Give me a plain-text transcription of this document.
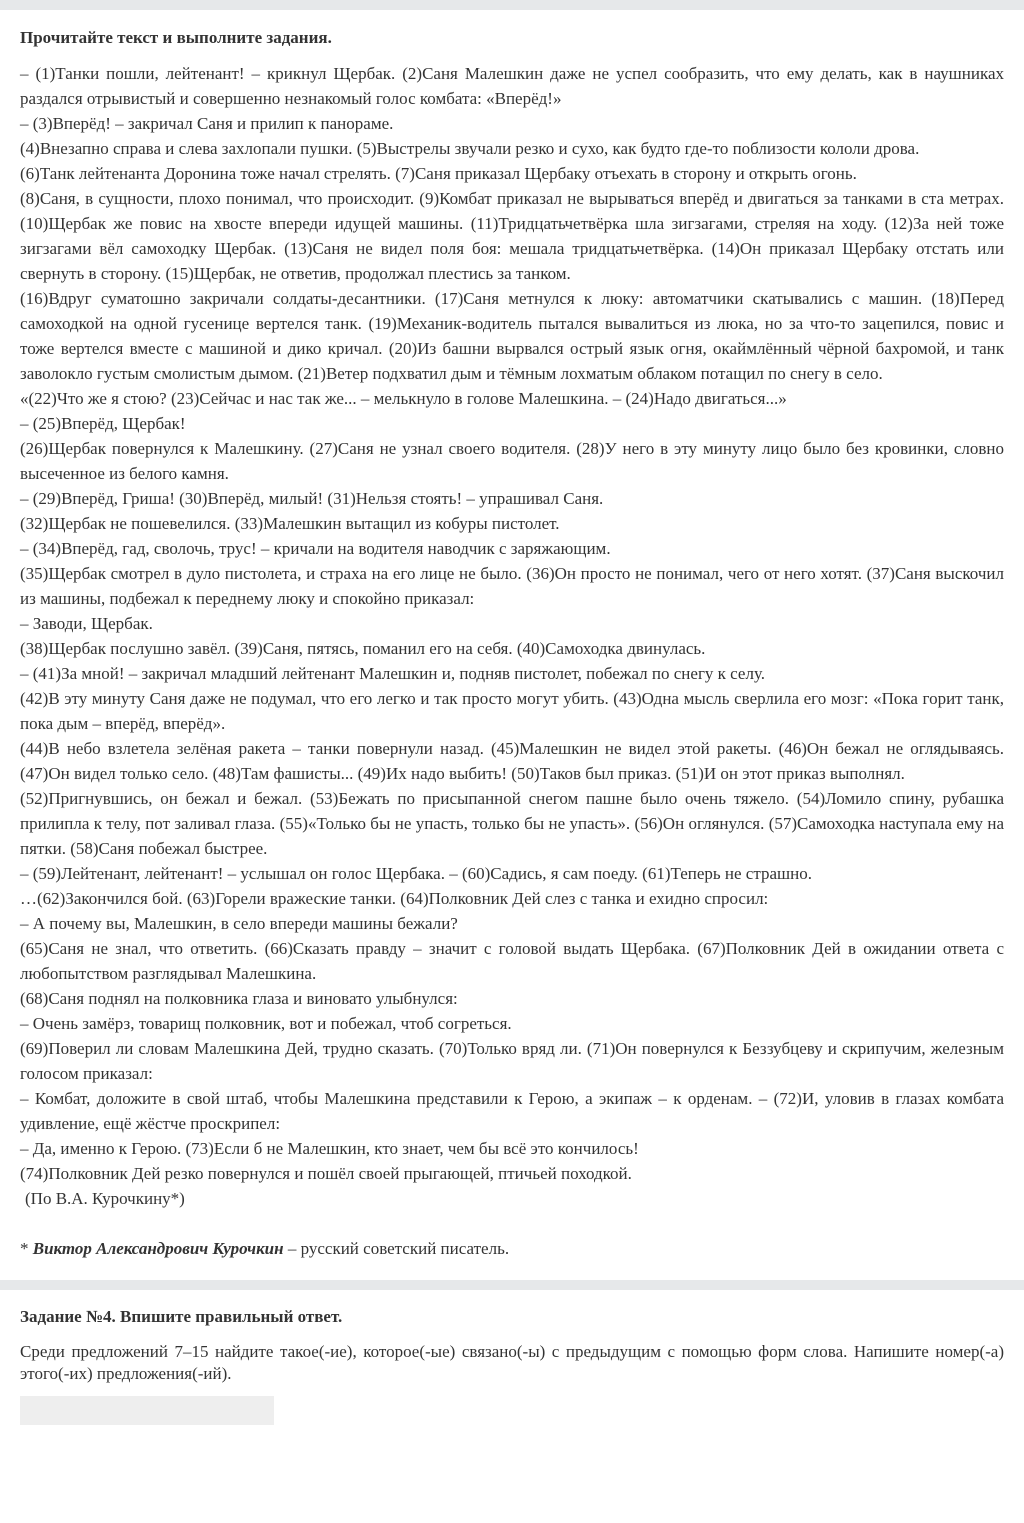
Прочитайте текст и выполните задания.

– (1)Танки пошли, лейтенант! – крикнул Щербак. (2)Саня Малешкин даже не успел сообразить, что ему делать, как в наушниках раздался отрывистый и совершенно незнакомый голос комбата: «Вперёд!»

– (3)Вперёд! – закричал Саня и прилип к панораме.

(4)Внезапно справа и слева захлопали пушки. (5)Выстрелы звучали резко и сухо, как будто где-то поблизости кололи дрова.

(6)Танк лейтенанта Доронина тоже начал стрелять. (7)Саня приказал Щербаку отъехать в сторону и открыть огонь.

(8)Саня, в сущности, плохо понимал, что происходит. (9)Комбат приказал не вырываться вперёд и двигаться за танками в ста метрах. (10)Щербак же повис на хвосте впереди идущей машины. (11)Тридцатьчетвёрка шла зигзагами, стреляя на ходу. (12)За ней тоже зигзагами вёл самоходку Щербак. (13)Саня не видел поля боя: мешала тридцатьчетвёрка. (14)Он приказал Щербаку отстать или свернуть в сторону. (15)Щербак, не ответив, продолжал плестись за танком.

(16)Вдруг суматошно закричали солдаты-десантники. (17)Саня метнулся к люку: автоматчики скатывались с машин. (18)Перед самоходкой на одной гусенице вертелся танк. (19)Механик-водитель пытался вывалиться из люка, но за что-то зацепился, повис и тоже вертелся вместе с машиной и дико кричал. (20)Из башни вырвался острый язык огня, окаймлённый чёрной бахромой, и танк заволокло густым смолистым дымом. (21)Ветер подхватил дым и тёмным лохматым облаком потащил по снегу в село.

«(22)Что же я стою? (23)Сейчас и нас так же... – мелькнуло в голове Малешкина. – (24)Надо двигаться...»

– (25)Вперёд, Щербак!

(26)Щербак повернулся к Малешкину. (27)Саня не узнал своего водителя. (28)У него в эту минуту лицо было без кровинки, словно высеченное из белого камня.

– (29)Вперёд, Гриша! (30)Вперёд, милый! (31)Нельзя стоять! – упрашивал Саня.

(32)Щербак не пошевелился. (33)Малешкин вытащил из кобуры пистолет.

– (34)Вперёд, гад, сволочь, трус! – кричали на водителя наводчик с заряжающим.

(35)Щербак смотрел в дуло пистолета, и страха на его лице не было. (36)Он просто не понимал, чего от него хотят. (37)Саня выскочил из машины, подбежал к переднему люку и спокойно приказал:

– Заводи, Щербак.

(38)Щербак послушно завёл. (39)Саня, пятясь, поманил его на себя. (40)Самоходка двинулась.

– (41)За мной! – закричал младший лейтенант Малешкин и, подняв пистолет, побежал по снегу к селу.

(42)В эту минуту Саня даже не подумал, что его легко и так просто могут убить. (43)Одна мысль сверлила его мозг: «Пока горит танк, пока дым – вперёд, вперёд».

(44)В небо взлетела зелёная ракета – танки повернули назад. (45)Малешкин не видел этой ракеты. (46)Он бежал не оглядываясь. (47)Он видел только село. (48)Там фашисты... (49)Их надо выбить! (50)Таков был приказ. (51)И он этот приказ выполнял.

(52)Пригнувшись, он бежал и бежал. (53)Бежать по присыпанной снегом пашне было очень тяжело. (54)Ломило спину, рубашка прилипла к телу, пот заливал глаза. (55)«Только бы не упасть, только бы не упасть». (56)Он оглянулся. (57)Самоходка наступала ему на пятки. (58)Саня побежал быстрее.

– (59)Лейтенант, лейтенант! – услышал он голос Щербака. – (60)Садись, я сам поеду. (61)Теперь не страшно.

…(62)Закончился бой. (63)Горели вражеские танки. (64)Полковник Дей слез с танка и ехидно спросил:

– А почему вы, Малешкин, в село впереди машины бежали?

(65)Саня не знал, что ответить. (66)Сказать правду – значит с головой выдать Щербака. (67)Полковник Дей в ожидании ответа с любопытством разглядывал Малешкина.

(68)Саня поднял на полковника глаза и виновато улыбнулся:

– Очень замёрз, товарищ полковник, вот и побежал, чтоб согреться.

(69)Поверил ли словам Малешкина Дей, трудно сказать. (70)Только вряд ли. (71)Он повернулся к Беззубцеву и скрипучим, железным голосом приказал:

– Комбат, доложите в свой штаб, чтобы Малешкина представили к Герою, а экипаж – к орденам. – (72)И, уловив в глазах комбата удивление, ещё жёстче проскрипел:

– Да, именно к Герою. (73)Если б не Малешкин, кто знает, чем бы всё это кончилось!

(74)Полковник Дей резко повернулся и пошёл своей прыгающей, птичьей походкой.

(По В.А. Курочкину*)

* Виктор Александрович Курочкин – русский советский писатель.
Задание №4. Впишите правильный ответ.

Среди предложений 7–15 найдите такое(-ие), которое(-ые) связано(-ы) с предыдущим с помощью форм слова. Напишите номер(-а) этого(-их) предложения(-ий).
